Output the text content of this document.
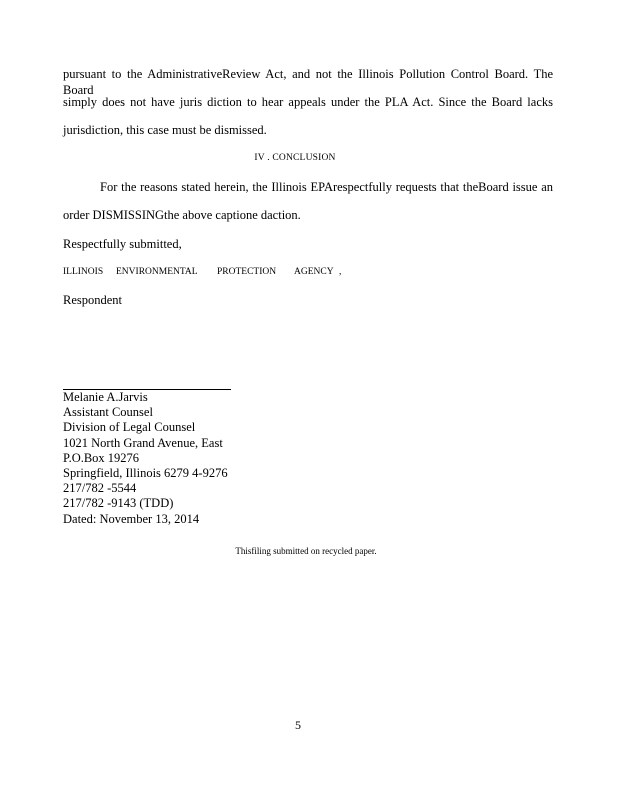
pursuant to the AdministrativeReview Act, and not the Illinois Pollution Control Board. The Board
simply does not have juris diction to hear appeals under the PLA Act. Since the Board lacks
jurisdiction, this case must be dismissed.
IV . CONCLUSION
For the reasons stated herein, the Illinois EPArespectfully requests that theBoard issue an
order DISMISSINGthe above captione daction.
Respectfully submitted,
ILLINOIS ENVIRONMENTAL PROTECTION AGENCY ,
Respondent
Melanie A.Jarvis
Assistant Counsel
Division of Legal Counsel
1021 North Grand Avenue, East
P.O.Box 19276
Springfield, Illinois 6279 4-9276
217/782 -5544
217/782 -9143 (TDD)
Dated: November 13, 2014
Thisfiling submitted on recycled paper.
5
